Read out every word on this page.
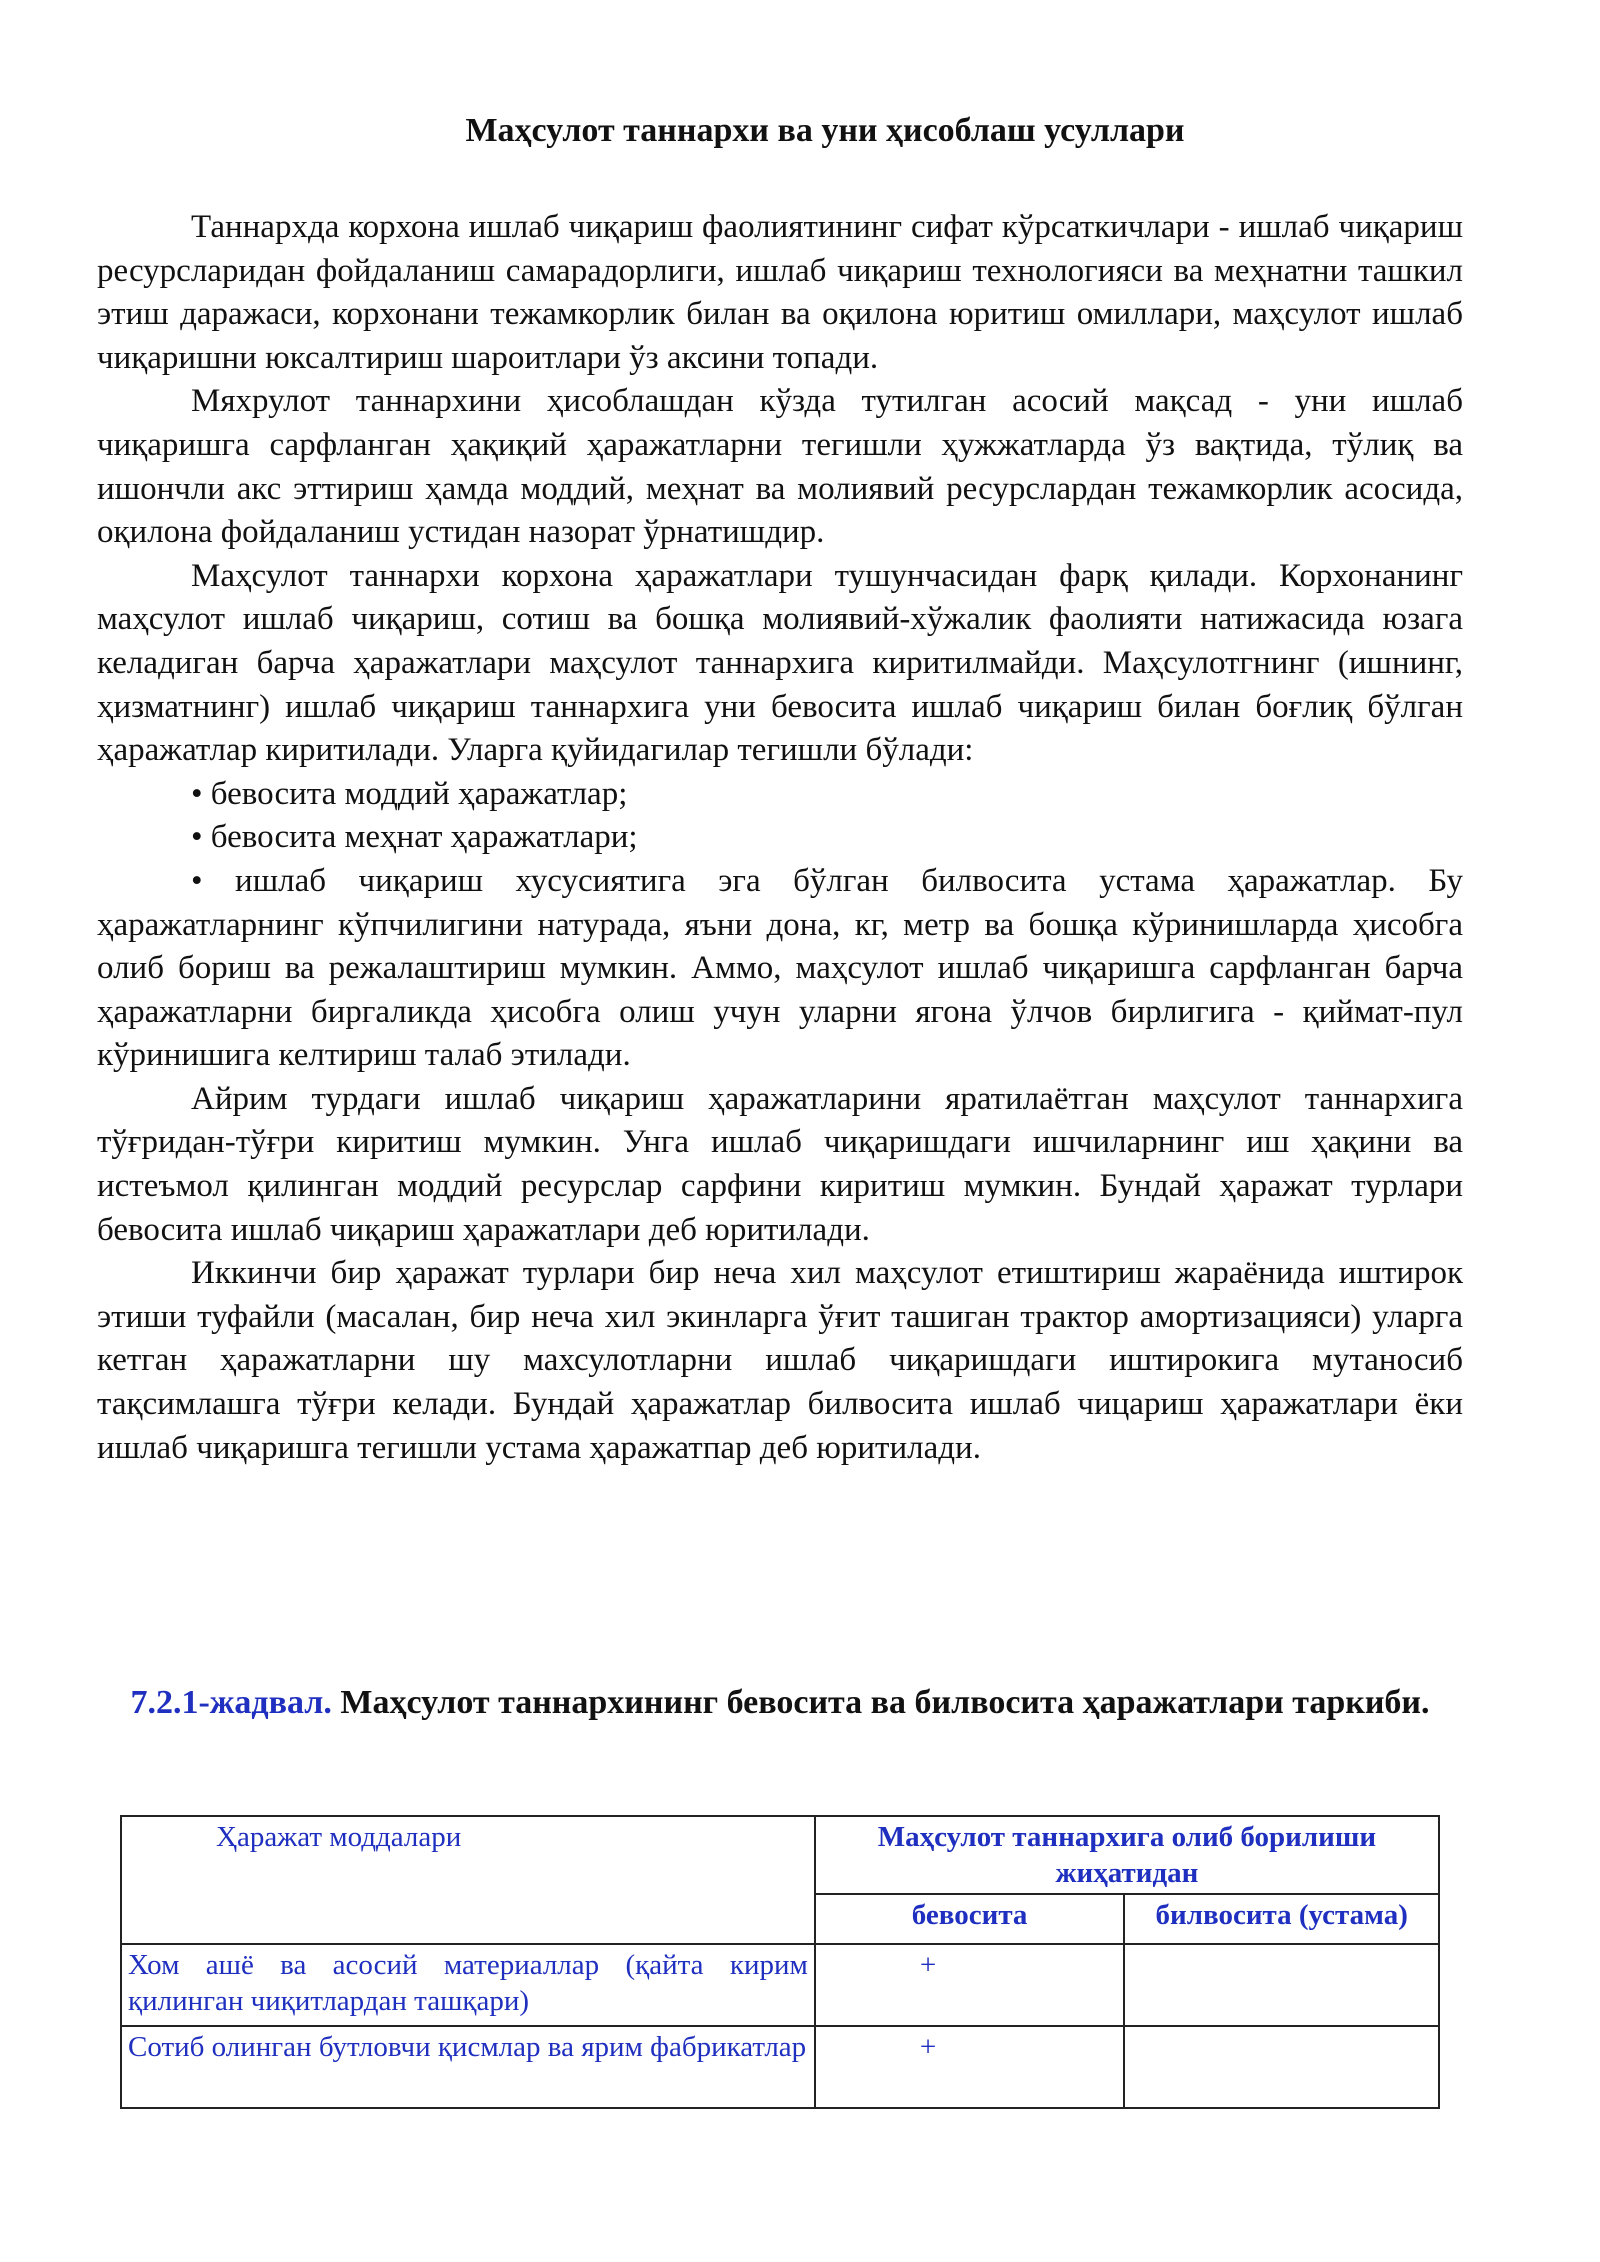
Маҳсулот таннархи ва уни ҳисоблаш усуллари

Таннархда корхона ишлаб чиқариш фаолиятининг сифат кўрсаткичлари - ишлаб чиқариш ресурсларидан фойдаланиш самарадорлиги, ишлаб чиқариш технологияси ва меҳнатни ташкил этиш даражаси, корхонани тежамкорлик билан ва оқилона юритиш омиллари, маҳсулот ишлаб чиқаришни юксалтириш шароитлари ўз аксини топади.

Мяхрулот таннархини ҳисоблашдан кўзда тутилган асосий мақсад - уни ишлаб чиқаришга сарфланган ҳақиқий ҳаражатларни тегишли ҳужжатларда ўз вақтида, тўлиқ ва ишончли акс эттириш ҳамда моддий, меҳнат ва молиявий ресурслардан тежамкорлик асосида, оқилона фойдаланиш устидан назорат ўрнатишдир.

Маҳсулот таннархи корхона ҳаражатлари тушунчасидан фарқ қилади. Корхонанинг маҳсулот ишлаб чиқариш, сотиш ва бошқа молиявий-хўжалик фаолияти натижасида юзага келадиган барча ҳаражатлари маҳсулот таннархига киритилмайди. Маҳсулотгнинг (ишнинг, ҳизматнинг) ишлаб чиқариш таннархига уни бевосита ишлаб чиқариш билан боғлиқ бўлган ҳаражатлар киритилади. Уларга қуйидагилар тегишли бўлади:

• бевосита моддий ҳаражатлар;

• бевосита меҳнат ҳаражатлари;

• ишлаб чиқариш хусусиятига эга бўлган билвосита устама ҳаражатлар. Бу ҳаражатларнинг кўпчилигини натурада, яъни дона, кг, метр ва бошқа кўринишларда ҳисобга олиб бориш ва режалаштириш мумкин. Аммо, маҳсулот ишлаб чиқаришга сарфланган барча ҳаражатларни биргаликда ҳисобга олиш учун уларни ягона ўлчов бирлигига - қиймат-пул кўринишига келтириш талаб этилади.

Айрим турдаги ишлаб чиқариш ҳаражатларини яратилаётган маҳсулот таннархига тўғридан-тўғри киритиш мумкин. Унга ишлаб чиқаришдаги ишчиларнинг иш ҳақини ва истеъмол қилинган моддий ресурслар сарфини киритиш мумкин. Бундай ҳаражат турлари бевосита ишлаб чиқариш ҳаражатлари деб юритилади.

Иккинчи бир ҳаражат турлари бир неча хил маҳсулот етиштириш жараёнида иштирок этиши туфайли (масалан, бир неча хил экинларга ўғит ташиган трактор амортизацияси) уларга кетган ҳаражатларни шу махсулотларни ишлаб чиқаришдаги иштирокига мутаносиб тақсимлашга тўғри келади. Бундай ҳаражатлар билвосита ишлаб чицариш ҳаражатлари ёки ишлаб чиқаришга тегишли устама ҳаражатпар деб юритилади.

7.2.1-жадвал. Маҳсулот таннархининг бевосита ва билвосита ҳаражатлари таркиби.
Ҳаражат моддалари	Маҳсулот таннархига олиб борилиши жиҳатидан	
	бевосита	билвосита (устама)
Хом ашё ва асосий материаллар (қайта кирим қилинган чиқитлардан ташқари)	+	
Сотиб олинган бутловчи қисмлар ва ярим фабрикатлар	+	
